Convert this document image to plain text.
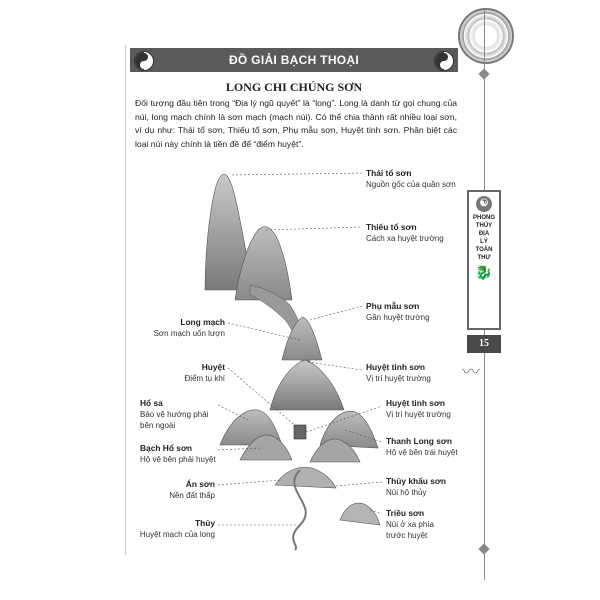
ĐỒ GIẢI BẠCH THOẠI
LONG CHI CHÚNG SƠN
Đối tượng đầu tiên trong “Địa lý ngũ quyết” là “long”. Long là danh từ gọi chung của núi, long mạch chính là sơn mạch (mạch núi). Có thể chia thành rất nhiều loại sơn, ví dụ như: Thái tổ sơn, Thiếu tổ sơn, Phụ mẫu sơn, Huyệt tinh sơn. Phân biệt các loại núi này chính là tiền đề để “điểm huyệt”.
Thái tổ sơn
Nguồn gốc của quần sơn
Thiếu tổ sơn
Cách xa huyệt trường
Phụ mẫu sơn
Gần huyệt trường
Huyệt tinh sơn
Vị trí huyệt trường
Huyệt tinh sơn
Vị trí huyệt trường
Thanh Long sơn
Hộ vệ bên trái huyệt
Thủy khẩu sơn
Núi hộ thủy
Triều sơn
Núi ở xa phía
trước huyệt
Long mạch
Sơn mạch uốn lượn
Huyệt
Điểm tụ khí
Hổ sa
Bảo vệ hướng phải
bên ngoài
Bạch Hổ sơn
Hộ vệ bên phải huyệt
Án sơn
Nền đất thấp
Thủy
Huyệt mạch của long
☯
PHONG
THỦY
ĐỊA
LÝ
TOÀN
THƯ
🐉
15
〰
